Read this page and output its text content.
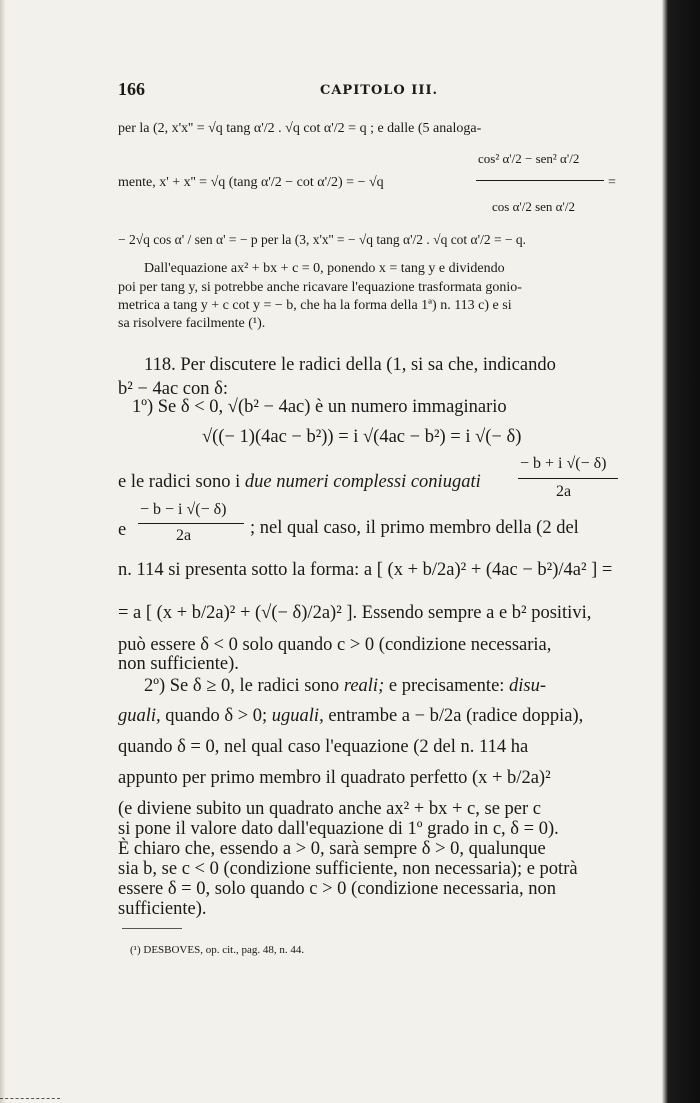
166	CAPITOLO III.
per la (2, x'x'' = √q tang α'/2 . √q cot α'/2 = q ; e dalle (5 analoga-
mente, x' + x'' = √q (tang α'/2 − cot α'/2) = − √q
cos² α'/2 − sen² α'/2
cos α'/2 sen α'/2
=
− 2√q cos α' / sen α' = − p per la (3, x'x'' = − √q tang α'/2 . √q cot α'/2 = − q.
Dall'equazione ax² + bx + c = 0, ponendo x = tang y e dividendo
poi per tang y, si potrebbe anche ricavare l'equazione trasformata gonio-
metrica a tang y + c cot y = − b, che ha la forma della 1ª) n. 113 c) e si
sa risolvere facilmente (¹).
118. Per discutere le radici della (1, si sa che, indicando
b² − 4ac con δ:
1º) Se δ < 0, √(b² − 4ac) è un numero immaginario
√((− 1)(4ac − b²)) = i √(4ac − b²) = i √(− δ)
e le radici sono i due numeri complessi coniugati
− b + i √(− δ)
2a
e
− b − i √(− δ)
2a	; nel qual caso, il primo membro della (2 del
n. 114 si presenta sotto la forma: a [ (x + b/2a)² + (4ac − b²)/4a² ] =
= a [ (x + b/2a)² + (√(− δ)/2a)² ]. Essendo sempre a e b² positivi,
può essere δ < 0 solo quando c > 0 (condizione necessaria,
non sufficiente).
2º) Se δ ≥ 0, le radici sono reali; e precisamente: disu-
guali, quando δ > 0; uguali, entrambe a − b/2a (radice doppia),
quando δ = 0, nel qual caso l'equazione (2 del n. 114 ha
appunto per primo membro il quadrato perfetto (x + b/2a)²
(e diviene subito un quadrato anche ax² + bx + c, se per c
si pone il valore dato dall'equazione di 1º grado in c, δ = 0).
È chiaro che, essendo a > 0, sarà sempre δ > 0, qualunque
sia b, se c < 0 (condizione sufficiente, non necessaria); e potrà
essere δ = 0, solo quando c > 0 (condizione necessaria, non
sufficiente).
(¹) DESBOVES, op. cit., pag. 48, n. 44.
